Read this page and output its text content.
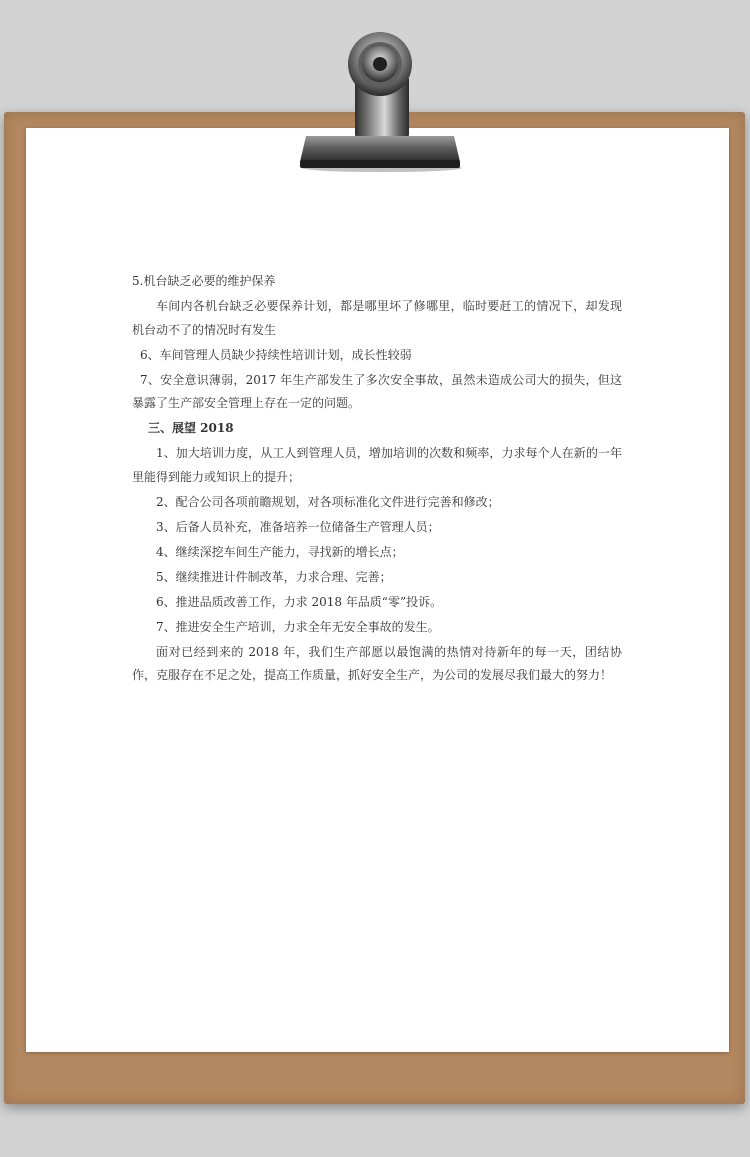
5.机台缺乏必要的维护保养

车间内各机台缺乏必要保养计划，都是哪里坏了修哪里，临时要赶工的情况下，却发现机台动不了的情况时有发生

6、车间管理人员缺少持续性培训计划，成长性较弱

7、安全意识薄弱，2017 年生产部发生了多次安全事故，虽然未造成公司大的损失，但这暴露了生产部安全管理上存在一定的问题。

三、展望 2018

1、加大培训力度，从工人到管理人员，增加培训的次数和频率，力求每个人在新的一年里能得到能力或知识上的提升；

2、配合公司各项前瞻规划，对各项标准化文件进行完善和修改；

3、后备人员补充，准备培养一位储备生产管理人员；

4、继续深挖车间生产能力，寻找新的增长点；

5、继续推进计件制改革，力求合理、完善；

6、推进品质改善工作，力求 2018 年品质“零”投诉。

7、推进安全生产培训，力求全年无安全事故的发生。

面对已经到来的 2018 年，我们生产部愿以最饱满的热情对待新年的每一天，团结协作，克服存在不足之处，提高工作质量，抓好安全生产，为公司的发展尽我们最大的努力！
